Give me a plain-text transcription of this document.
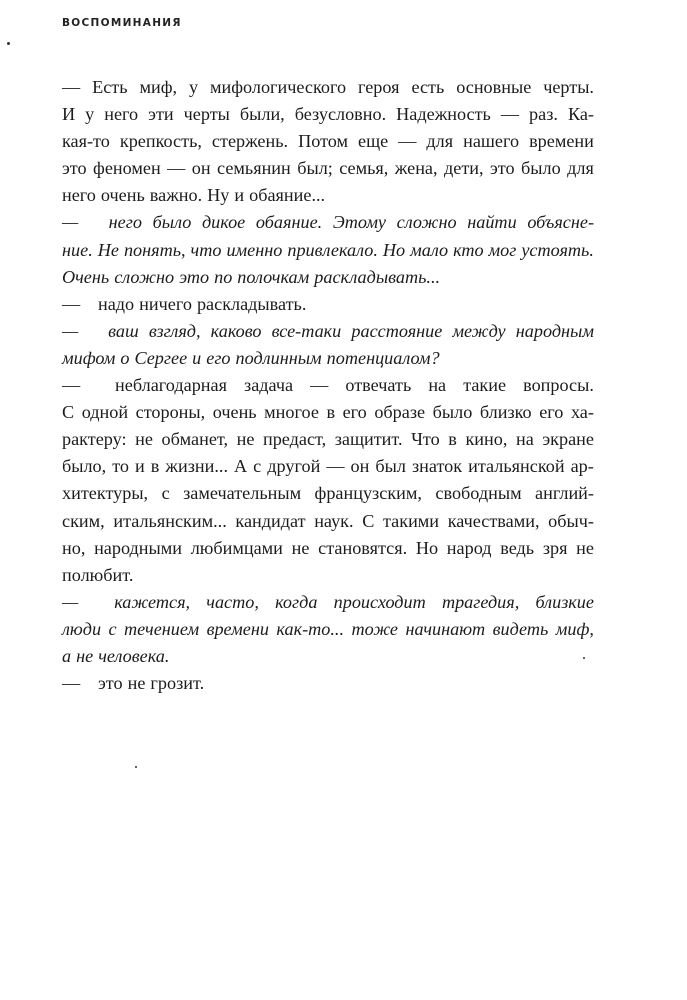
ВОСПОМИНАНИЯ
— Есть миф, у мифологического героя есть основные черты.
И у него эти черты были, безусловно. Надежность — раз. Ка-
кая-то крепкость, стержень. Потом еще — для нашего времени
это феномен — он семьянин был; семья, жена, дети, это было для
него очень важно. Ну и обаяние...
—	него было дикое обаяние. Этому сложно найти объясне-
ние. Не понять, что именно привлекало. Но мало кто мог устоять.
Очень сложно это по полочкам раскладывать...
— надо ничего раскладывать.
—	ваш взгляд, каково все-таки расстояние между народным
мифом о Сергее и его подлинным потенциалом?
—	неблагодарная задача — отвечать на такие вопросы.
С одной стороны, очень многое в его образе было близко его ха-
рактеру: не обманет, не предаст, защитит. Что в кино, на экране
было, то и в жизни... А с другой — он был знаток итальянской ар-
хитектуры, с замечательным французским, свободным англий-
ским, итальянским... кандидат наук. С такими качествами, обыч-
но, народными любимцами не становятся. Но народ ведь зря не
полюбит.
—	кажется, часто, когда происходит трагедия, близкие
люди с течением времени как-то... тоже начинают видеть миф,
а не человека.
— это не грозит.
